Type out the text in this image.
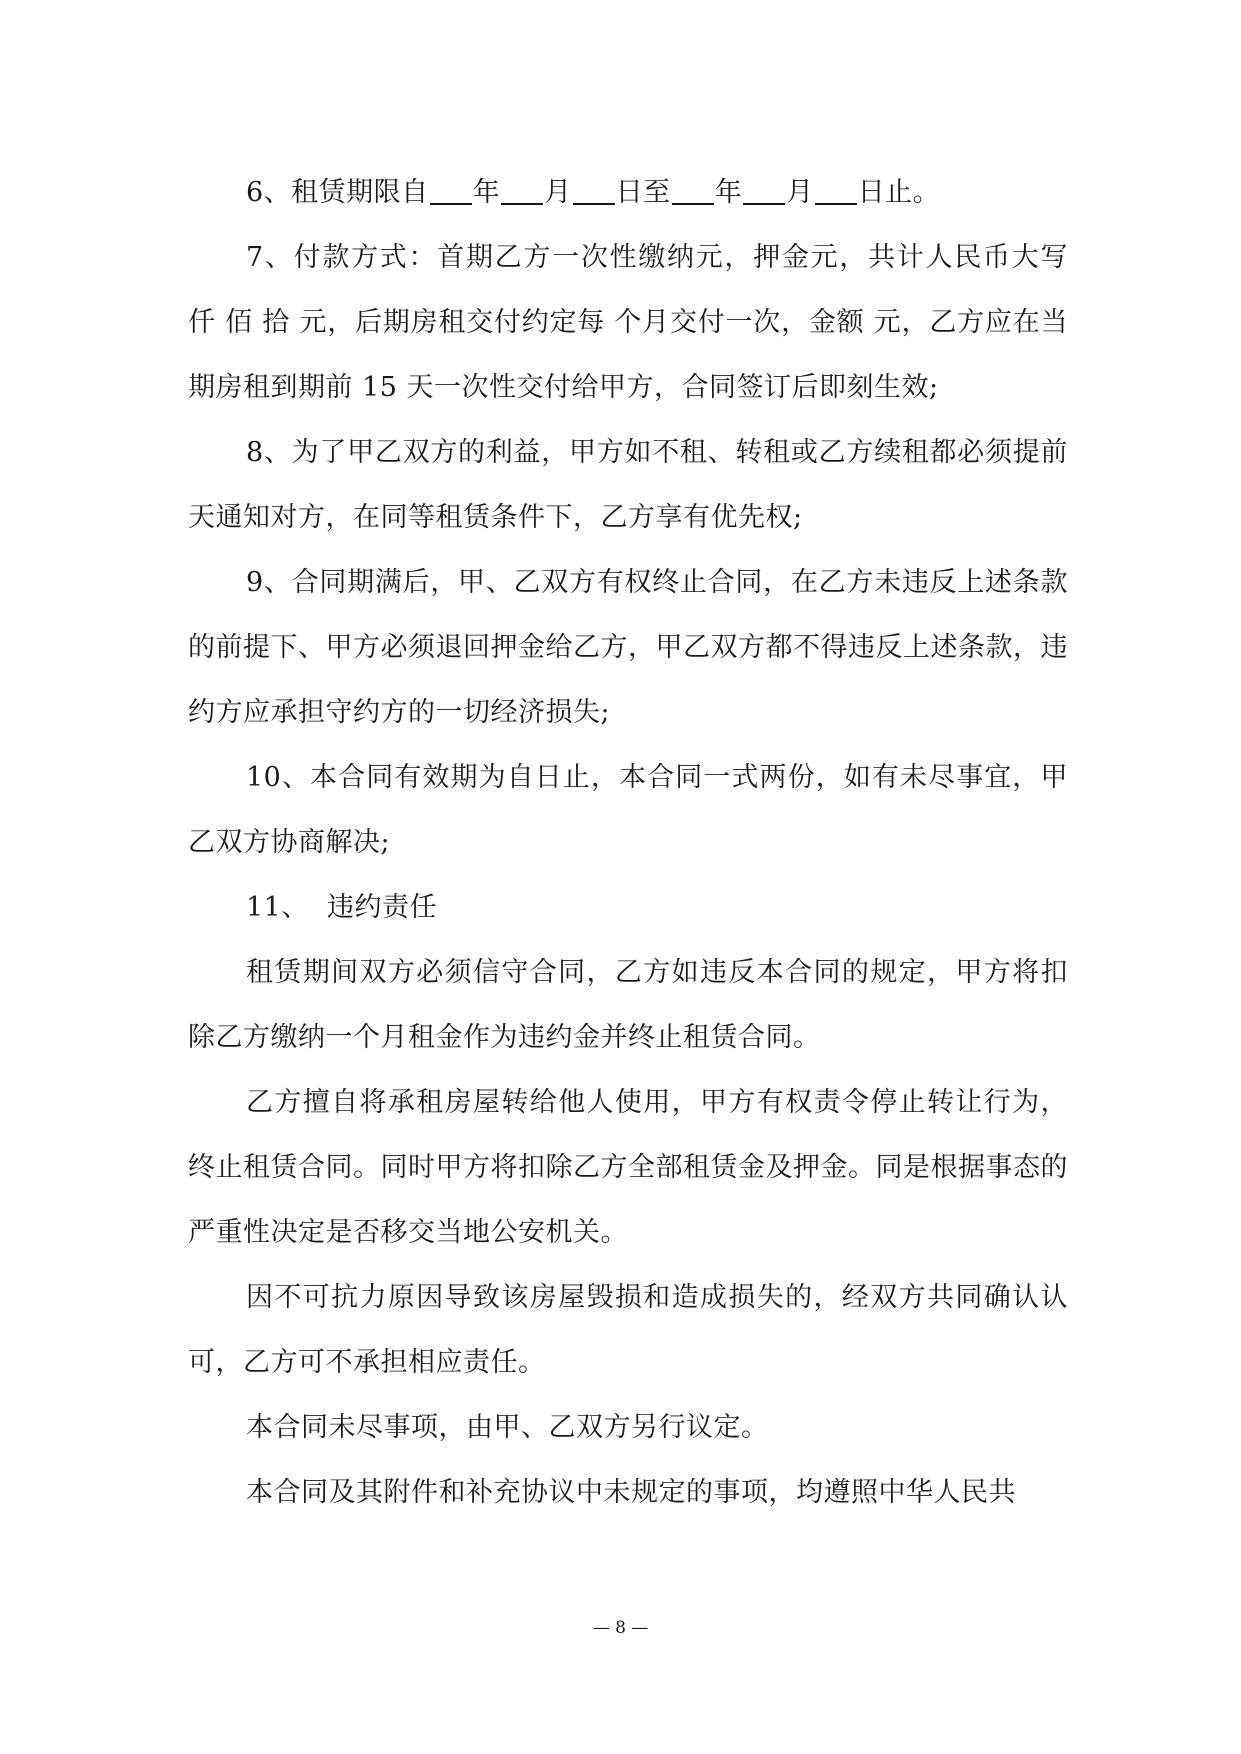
6、租赁期限自 年 月 日至 年 月 日止。

7、付款方式：首期乙方一次性缴纳元，押金元，共计人民币大写 仟 佰 拾 元，后期房租交付约定每 个月交付一次，金额 元，乙方应在当期房租到期前 15 天一次性交付给甲方，合同签订后即刻生效;

8、为了甲乙双方的利益，甲方如不租、转租或乙方续租都必须提前天通知对方，在同等租赁条件下，乙方享有优先权;

9、合同期满后，甲、乙双方有权终止合同，在乙方未违反上述条款的前提下、甲方必须退回押金给乙方，甲乙双方都不得违反上述条款，违约方应承担守约方的一切经济损失;

10、本合同有效期为自日止，本合同一式两份，如有未尽事宜，甲乙双方协商解决;

11、  违约责任

租赁期间双方必须信守合同，乙方如违反本合同的规定，甲方将扣除乙方缴纳一个月租金作为违约金并终止租赁合同。

乙方擅自将承租房屋转给他人使用，甲方有权责令停止转让行为，终止租赁合同。同时甲方将扣除乙方全部租赁金及押金。同是根据事态的严重性决定是否移交当地公安机关。

因不可抗力原因导致该房屋毁损和造成损失的，经双方共同确认认可，乙方可不承担相应责任。

本合同未尽事项，由甲、乙双方另行议定。

本合同及其附件和补充协议中未规定的事项，均遵照中华人民共

— 8 —
